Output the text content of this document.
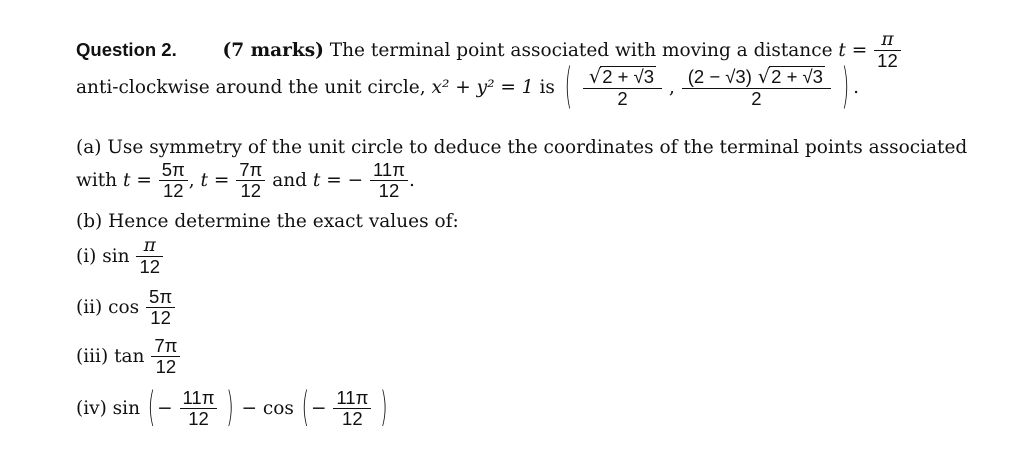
Question 2. (7 marks) The terminal point associated with moving a distance $t = \frac{\pi}{12}$
anti-clockwise around the unit circle, x² + y² = 1 is ( $\frac{√ 2 + √3}{2}$ , $\frac{(2 - √3) √ 2 + √3}{2}$ ) .
(a) Use symmetry of the unit circle to deduce the coordinates of the terminal points associated
with $t = \frac{5\pi}{12}$ , $t = \frac{7\pi}{12}$ and t = − $\frac{11\pi}{12}$ .
(b) Hence determine the exact values of:
(i) $\sin \frac{\pi}{12}$
(ii) $\cos \frac{5\pi}{12}$
(iii) $\tan \frac{7\pi}{12}$
(iv) sin ( − $\frac{11\pi}{12}$ ) − cos ( − $\frac{11\pi}{12}$ )
